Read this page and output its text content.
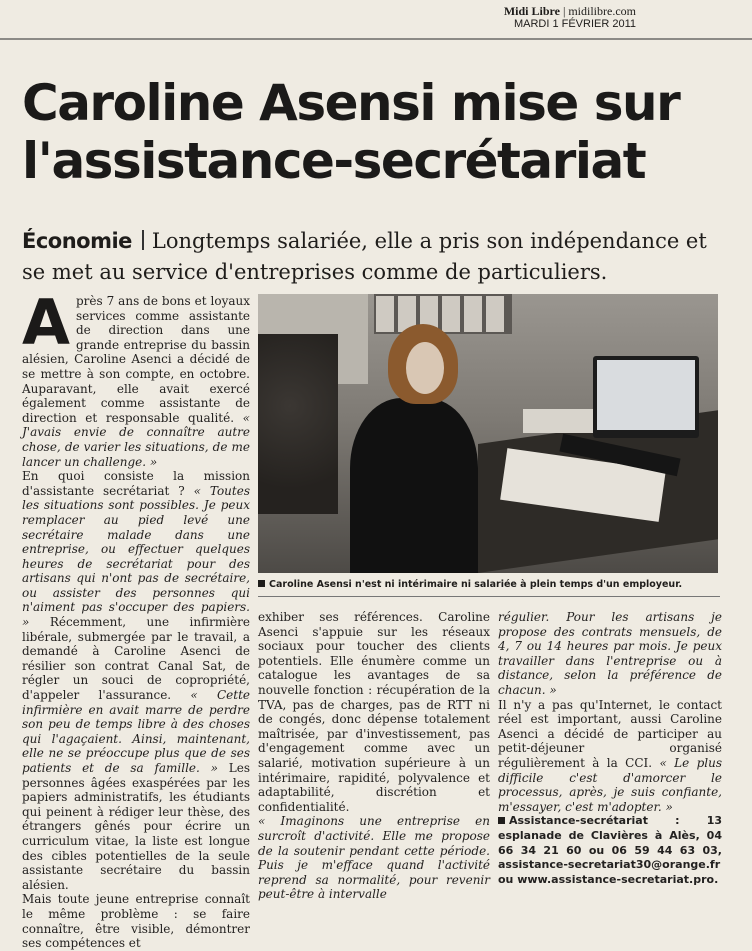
Midi Libre | midilibre.com
MARDI 1 FÉVRIER 2011
Caroline Asensi mise sur l'assistance-secrétariat
Économie Longtemps salariée, elle a pris son indépendance et se met au service d'entreprises comme de particuliers.

Après 7 ans de bons et loyaux services comme assistante de direction dans une grande entreprise du bassin alésien, Caroline Asenci a décidé de se mettre à son compte, en octobre. Auparavant, elle avait exercé également comme assistante de direction et responsable qualité. « J'avais envie de connaître autre chose, de varier les situations, de me lancer un challenge. »

En quoi consiste la mission d'assistante secrétariat ? « Toutes les situations sont possibles. Je peux remplacer au pied levé une secrétaire malade dans une entreprise, ou effectuer quelques heures de secrétariat pour des artisans qui n'ont pas de secrétaire, ou assister des personnes qui n'aiment pas s'occuper des papiers. » Récemment, une infirmière libérale, submergée par le travail, a demandé à Caroline Asenci de résilier son contrat Canal Sat, de régler un souci de copropriété, d'appeler l'assurance. « Cette infirmière en avait marre de perdre son peu de temps libre à des choses qui l'agaçaient. Ainsi, maintenant, elle ne se préoccupe plus que de ses patients et de sa famille. » Les personnes âgées exaspérées par les papiers administratifs, les étudiants qui peinent à rédiger leur thèse, des étrangers gênés pour écrire un curriculum vitae, la liste est longue des cibles potentielles de la seule assistante secrétaire du bassin alésien.

Mais toute jeune entreprise connaît le même problème : se faire connaître, être visible, démontrer ses compétences et

Caroline Asensi n'est ni intérimaire ni salariée à plein temps d'un employeur.

exhiber ses références. Caroline Asenci s'appuie sur les réseaux sociaux pour toucher des clients potentiels. Elle énumère comme un catalogue les avantages de sa nouvelle fonction : récupération de la TVA, pas de charges, pas de RTT ni de congés, donc dépense totalement maîtrisée, par d'investissement, pas d'engagement comme avec un salarié, motivation supérieure à un intérimaire, rapidité, polyvalence et adaptabilité, discrétion et confidentialité.

« Imaginons une entreprise en surcroît d'activité. Elle me propose de la soutenir pendant cette période. Puis je m'efface quand l'activité reprend sa normalité, pour revenir peut-être à intervalle

régulier. Pour les artisans je propose des contrats mensuels, de 4, 7 ou 14 heures par mois. Je peux travailler dans l'entreprise ou à distance, selon la préférence de chacun. »

Il n'y a pas qu'Internet, le contact réel est important, aussi Caroline Asenci a décidé de participer au petit-déjeuner organisé régulièrement à la CCI. « Le plus difficile c'est d'amorcer le processus, après, je suis confiante, m'essayer, c'est m'adopter. »

Assistance-secrétariat : 13 esplanade de Clavières à Alès, 04 66 34 21 60 ou 06 59 44 63 03, assistance-secretariat30@orange.fr ou www.assistance-secretariat.pro.
